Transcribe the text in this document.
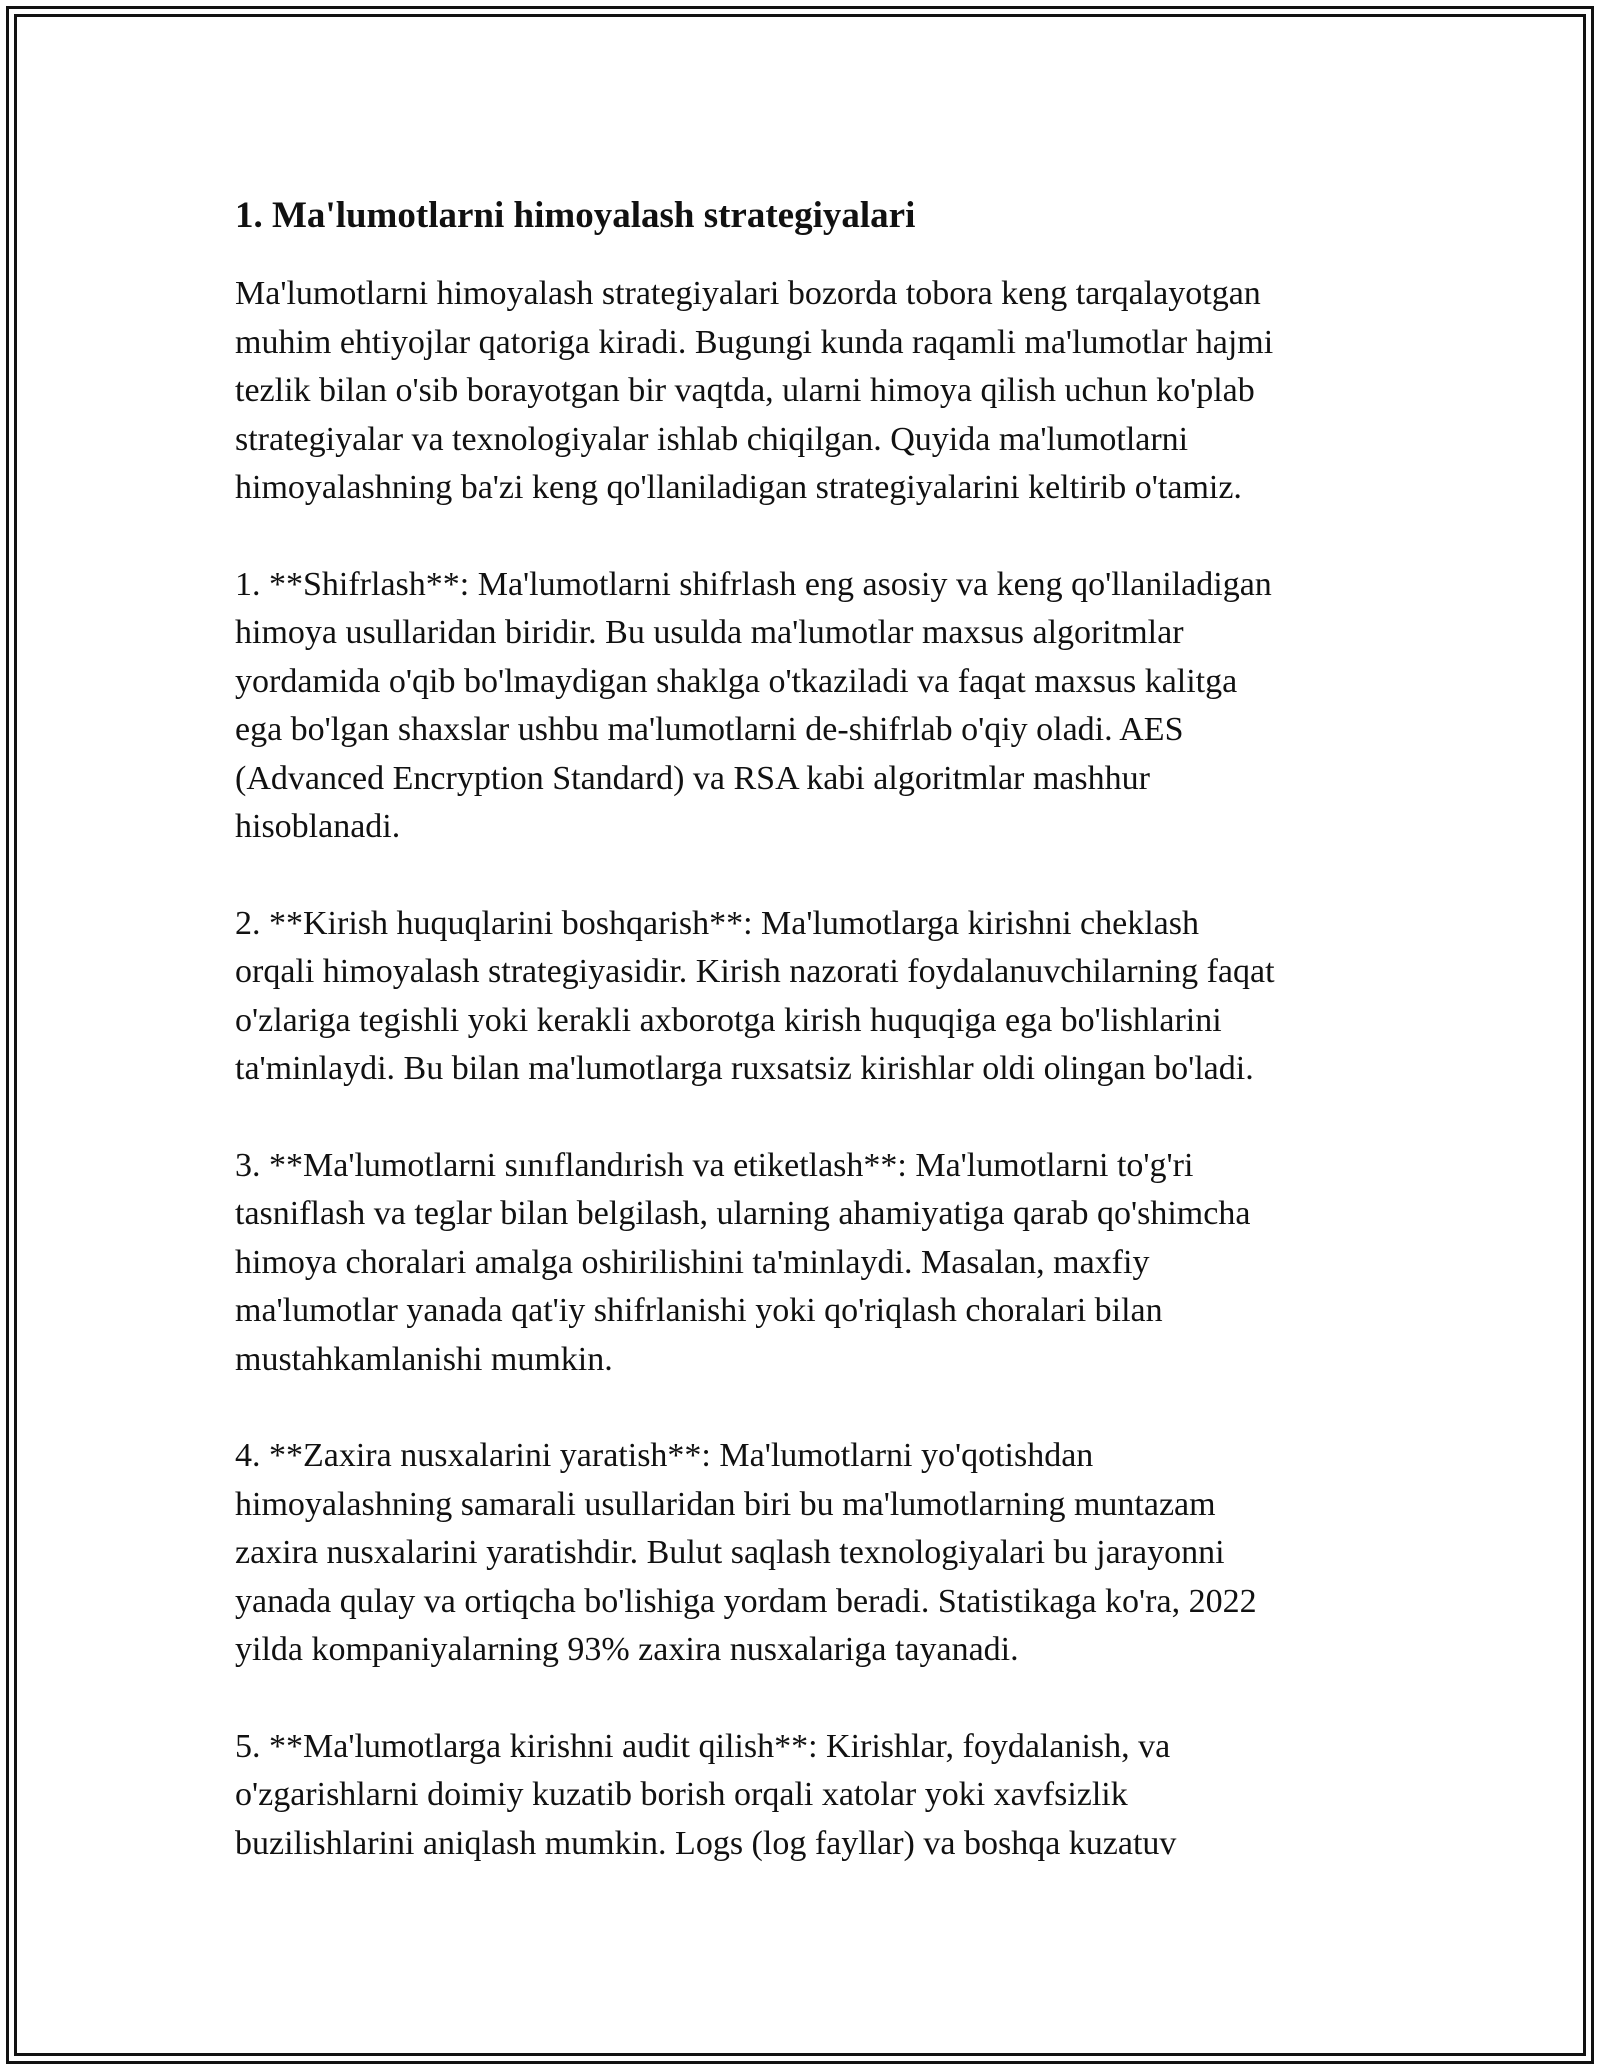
1. Ma'lumotlarni himoyalash strategiyalari

Ma'lumotlarni himoyalash strategiyalari bozorda tobora keng tarqalayotgan
muhim ehtiyojlar qatoriga kiradi. Bugungi kunda raqamli ma'lumotlar hajmi
tezlik bilan o'sib borayotgan bir vaqtda, ularni himoya qilish uchun ko'plab
strategiyalar va texnologiyalar ishlab chiqilgan. Quyida ma'lumotlarni
himoyalashning ba'zi keng qo'llaniladigan strategiyalarini keltirib o'tamiz.

1. **Shifrlash**: Ma'lumotlarni shifrlash eng asosiy va keng qo'llaniladigan
himoya usullaridan biridir. Bu usulda ma'lumotlar maxsus algoritmlar
yordamida o'qib bo'lmaydigan shaklga o'tkaziladi va faqat maxsus kalitga
ega bo'lgan shaxslar ushbu ma'lumotlarni de-shifrlab o'qiy oladi. AES
(Advanced Encryption Standard) va RSA kabi algoritmlar mashhur
hisoblanadi.

2. **Kirish huquqlarini boshqarish**: Ma'lumotlarga kirishni cheklash
orqali himoyalash strategiyasidir. Kirish nazorati foydalanuvchilarning faqat
o'zlariga tegishli yoki kerakli axborotga kirish huquqiga ega bo'lishlarini
ta'minlaydi. Bu bilan ma'lumotlarga ruxsatsiz kirishlar oldi olingan bo'ladi.

3. **Ma'lumotlarni sınıflandırish va etiketlash**: Ma'lumotlarni to'g'ri
tasniflash va teglar bilan belgilash, ularning ahamiyatiga qarab qo'shimcha
himoya choralari amalga oshirilishini ta'minlaydi. Masalan, maxfiy
ma'lumotlar yanada qat'iy shifrlanishi yoki qo'riqlash choralari bilan
mustahkamlanishi mumkin.

4. **Zaxira nusxalarini yaratish**: Ma'lumotlarni yo'qotishdan
himoyalashning samarali usullaridan biri bu ma'lumotlarning muntazam
zaxira nusxalarini yaratishdir. Bulut saqlash texnologiyalari bu jarayonni
yanada qulay va ortiqcha bo'lishiga yordam beradi. Statistikaga ko'ra, 2022
yilda kompaniyalarning 93% zaxira nusxalariga tayanadi.

5. **Ma'lumotlarga kirishni audit qilish**: Kirishlar, foydalanish, va
o'zgarishlarni doimiy kuzatib borish orqali xatolar yoki xavfsizlik
buzilishlarini aniqlash mumkin. Logs (log fayllar) va boshqa kuzatuv
